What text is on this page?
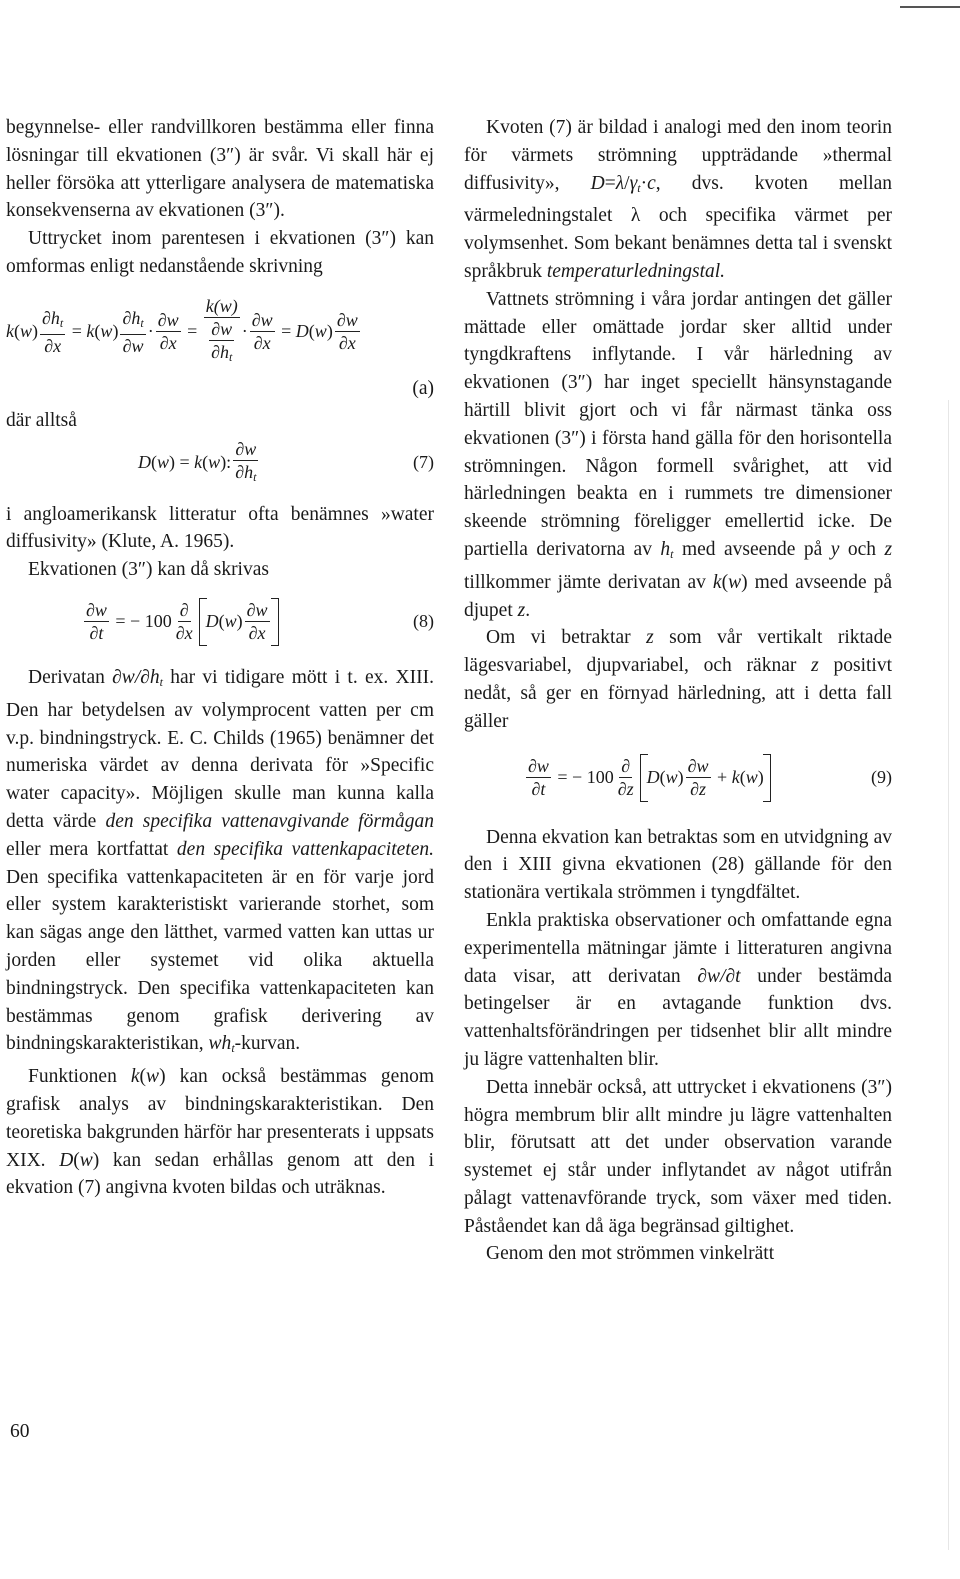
begynnelse- eller randvillkoren bestämma eller finna lösningar till ekvationen (3″) är svår. Vi skall här ej heller försöka att ytterligare analysera de matematiska konsekvenserna av ekvationen (3″).

Uttrycket inom parentesen i ekvationen (3″) kan omformas enligt nedanstående skrivning

k ( w ) $\frac{\partial h_t}{\partial x} = k$ ( w ) $\frac{\partial h_t}{\partial w} \cdot \frac{\partial w}{\partial x}$ =
k(w)
∂w
$\partial h_t$
· $\frac{\partial w}{\partial x} = D$ ( w ) $\frac{\partial w}{\partial x}$
(a)

där alltså

D ( w ) = k ( w ): $\frac{\partial w}{\partial h_t}$	(7)

i angloamerikansk litteratur ofta benämnes »water diffusivity» (Klute, A. 1965).

Ekvationen (3″) kan då skrivas

$\frac{\partial w}{\partial t}$ = − $100 \frac{\partial}{\partial x}$ D ( w ) $\frac{\partial w}{\partial x}$	(8)

Derivatan $\partial w/\partial h_t$ har vi tidigare mött i t. ex. XIII. Den har betydelsen av volymprocent vatten per cm v.p. bindningstryck. E. C. Childs (1965) benämner det numeriska värdet av denna derivata för »Specific water capacity». Möjligen skulle man kunna kalla detta värde den specifika vattenavgivande förmågan eller mera kortfattat den specifika vattenkapaciteten. Den specifika vattenkapaciteten är en för varje jord eller system karakteristiskt varierande storhet, som kan sägas ange den lätthet, varmed vatten kan uttas ur jorden eller systemet vid olika aktuella bindningstryck. Den specifika vattenkapaciteten kan bestämmas genom grafisk derivering av bindningskarakteristikan, $wh_t$-kurvan.

Funktionen k(w) kan också bestämmas genom grafisk analys av bindningskarakteristikan. Den teoretiska bakgrunden härför har presenterats i uppsats XIX. D(w) kan sedan erhållas genom att den i ekvation (7) angivna kvoten bildas och uträknas.

Kvoten (7) är bildad i analogi med den inom teorin för värmets strömning uppträdande »thermal diffusivity», $D=\lambda/\gamma_t\cdot c$, dvs. kvoten mellan värmeledningstalet λ och specifika värmet per volymsenhet. Som bekant benämnes detta tal i svenskt språkbruk temperaturledningstal.

Vattnets strömning i våra jordar antingen det gäller mättade eller omättade jordar sker alltid under tyngdkraftens inflytande. I vår härledning av ekvationen (3″) har inget speciellt hänsynstagande härtill blivit gjort och vi får närmast tänka oss ekvationen (3″) i första hand gälla för den horisontella strömningen. Någon formell svårighet, att vid härledningen beakta en i rummets tre dimensioner skeende strömning föreligger emellertid icke. De partiella derivatorna av $h_t$ med avseende på y och z tillkommer jämte derivatan av k(w) med avseende på djupet z.

Om vi betraktar z som vår vertikalt riktade lägesvariabel, djupvariabel, och räknar z positivt nedåt, så ger en förnyad härledning, att i detta fall gäller

$\frac{\partial w}{\partial t}$ = − $100 \frac{\partial}{\partial z}$ D ( w ) $\frac{\partial w}{\partial z} + k$ ( w )	(9)

Denna ekvation kan betraktas som en utvidgning av den i XIII givna ekvationen (28) gällande för den stationära vertikala strömmen i tyngdfältet.

Enkla praktiska observationer och omfattande egna experimentella mätningar jämte i litteraturen angivna data visar, att derivatan ∂w/∂t under bestämda betingelser är en avtagande funktion dvs. vattenhaltsförändringen per tidsenhet blir allt mindre ju lägre vattenhalten blir.

Detta innebär också, att uttrycket i ekvationens (3″) högra membrum blir allt mindre ju lägre vattenhalten blir, förutsatt att det under observation varande systemet ej står under inflytandet av något utifrån pålagt vattenavförande tryck, som växer med tiden. Påståendet kan då äga begränsad giltighet.

Genom den mot strömmen vinkelrätt

60
